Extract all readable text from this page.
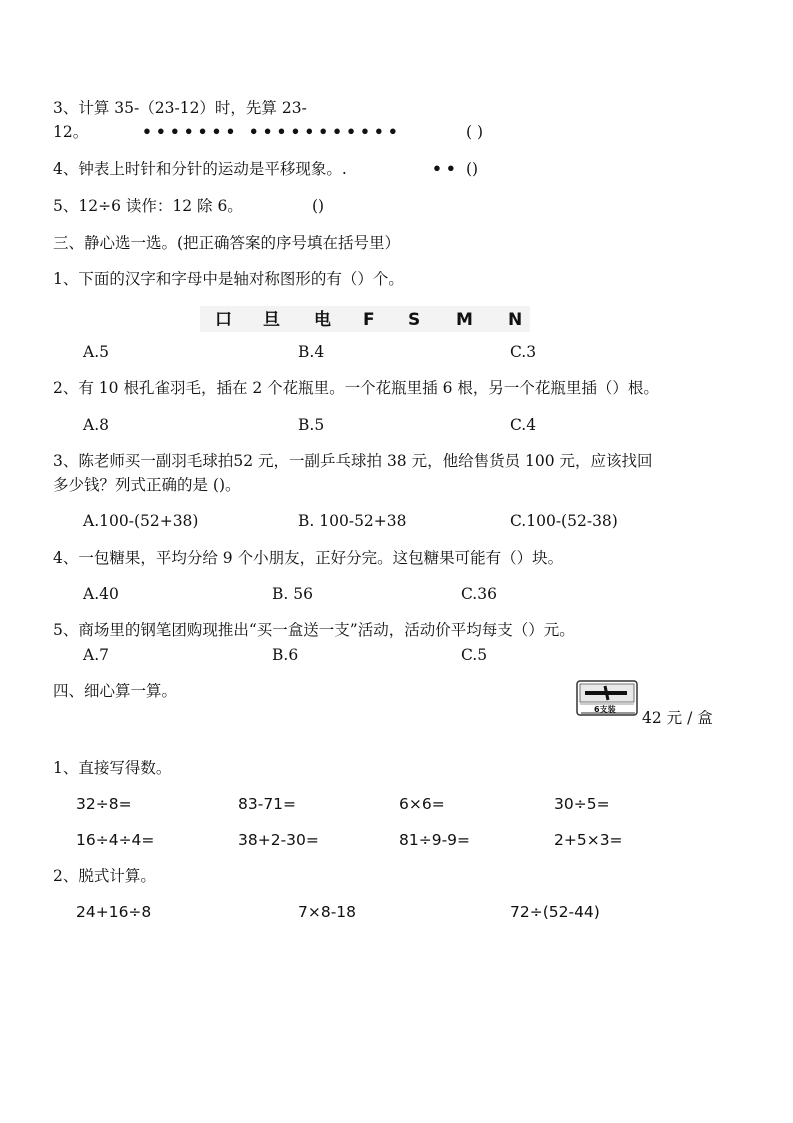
3、计算 35-（23-12）时，先算 23-
12。	••••••• •••••••••••	( )
4、钟表上时针和分针的运动是平移现象。.	•• ()
5、12÷6 读作：12 除 6。	()
三、静心选一选。(把正确答案的序号填在括号里）
1、下面的汉字和字母中是轴对称图形的有（）个。
口 旦 电 F S M N
A.5	B.4	C.3
2、有 10 根孔雀羽毛，插在 2 个花瓶里。一个花瓶里插 6 根，另一个花瓶里插（）根。
A.8	B.5	C.4
3、陈老师买一副羽毛球拍52 元，一副乒乓球拍 38 元，他给售货员 100 元，应该找回
多少钱？列式正确的是 ()。
A.100-(52+38)	B. 100-52+38	C.100-(52-38)
4、一包糖果，平均分给 9 个小朋友，正好分完。这包糖果可能有（）块。
A.40	B. 56	C.36
5、商场里的钢笔团购现推出“买一盒送一支”活动，活动价平均每支（）元。
A.7	B.6	C.5
6支装 42 元 / 盒
四、细心算一算。
1、直接写得数。
32÷8=	83-71=	6×6=	30÷5=
16÷4÷4=	38+2-30=	81÷9-9=	2+5×3=
2、脱式计算。
24+16÷8	7×8-18	72÷(52-44)
